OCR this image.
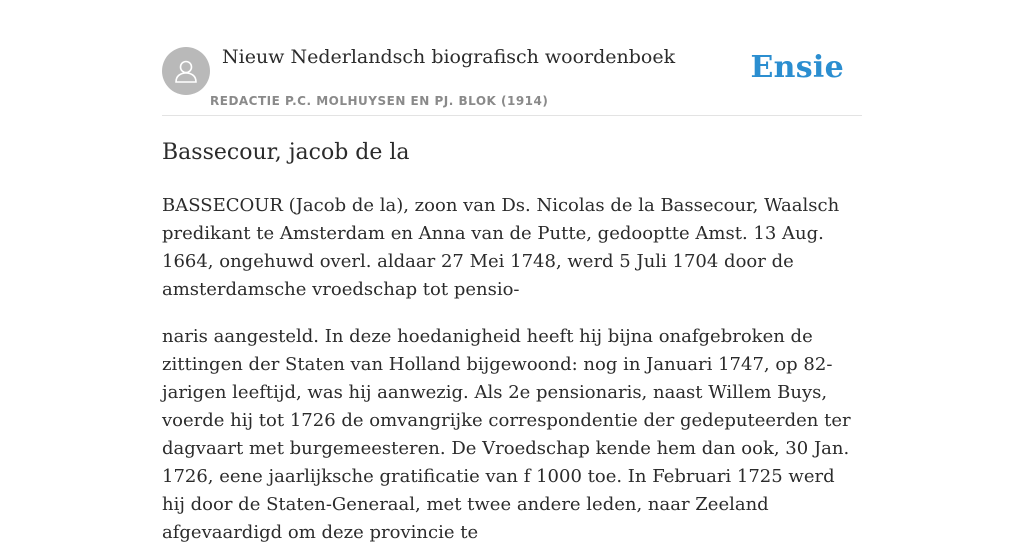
Nieuw Nederlandsch biografisch woordenboek
REDACTIE P.C. MOLHUYSEN EN PJ. BLOK (1914)
Ensie
Bassecour, jacob de la

BASSECOUR (Jacob de la), zoon van Ds. Nicolas de la Bassecour, Waalsch predikant te Amsterdam en Anna van de Putte, gedooptte Amst. 13 Aug. 1664, ongehuwd overl. aldaar 27 Mei 1748, werd 5 Juli 1704 door de amsterdamsche vroedschap tot pensio-

naris aangesteld. In deze hoedanigheid heeft hij bijna onafgebroken de zittingen der Staten van Holland bijgewoond: nog in Januari 1747, op 82-jarigen leeftijd, was hij aanwezig. Als 2e pensionaris, naast Willem Buys, voerde hij tot 1726 de omvangrijke correspondentie der gedeputeerden ter dagvaart met burgemeesteren. De Vroedschap kende hem dan ook, 30 Jan. 1726, eene jaarlijksche gratificatie van f 1000 toe. In Februari 1725 werd hij door de Staten-Generaal, met twee andere leden, naar Zeeland afgevaardigd om deze provincie te
